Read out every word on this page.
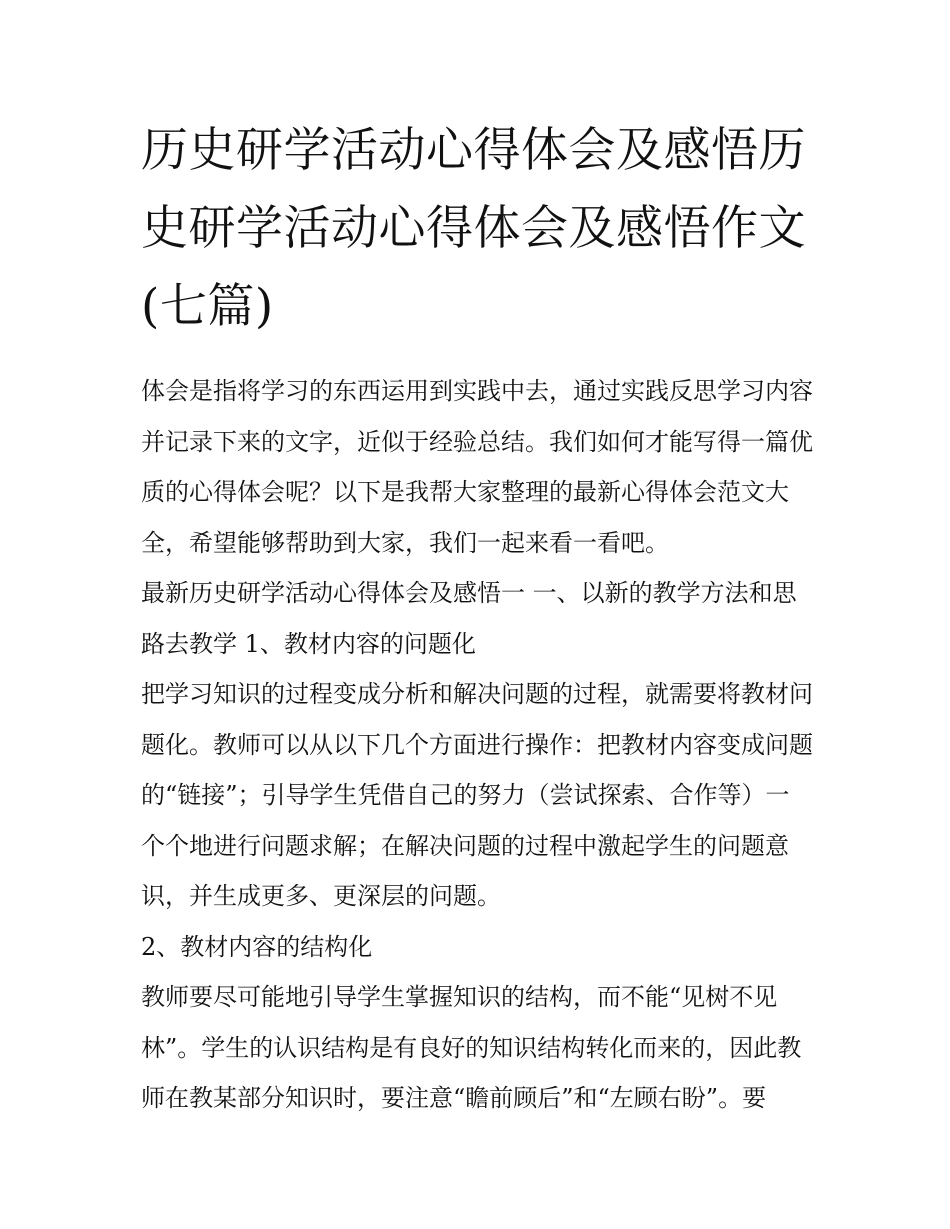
历史研学活动心得体会及感悟历史研学活动心得体会及感悟作文(七篇)

体会是指将学习的东西运用到实践中去，通过实践反思学习内容并记录下来的文字，近似于经验总结。我们如何才能写得一篇优质的心得体会呢？以下是我帮大家整理的最新心得体会范文大全，希望能够帮助到大家，我们一起来看一看吧。

最新历史研学活动心得体会及感悟一 一、以新的教学方法和思路去教学 1、教材内容的问题化

把学习知识的过程变成分析和解决问题的过程，就需要将教材问题化。教师可以从以下几个方面进行操作：把教材内容变成问题的“链接”；引导学生凭借自己的努力（尝试探索、合作等）一个个地进行问题求解；在解决问题的过程中激起学生的问题意识，并生成更多、更深层的问题。

2、教材内容的结构化

教师要尽可能地引导学生掌握知识的结构，而不能“见树不见林”。学生的认识结构是有良好的知识结构转化而来的，因此教师在教某部分知识时，要注意“瞻前顾后”和“左顾右盼”。要
